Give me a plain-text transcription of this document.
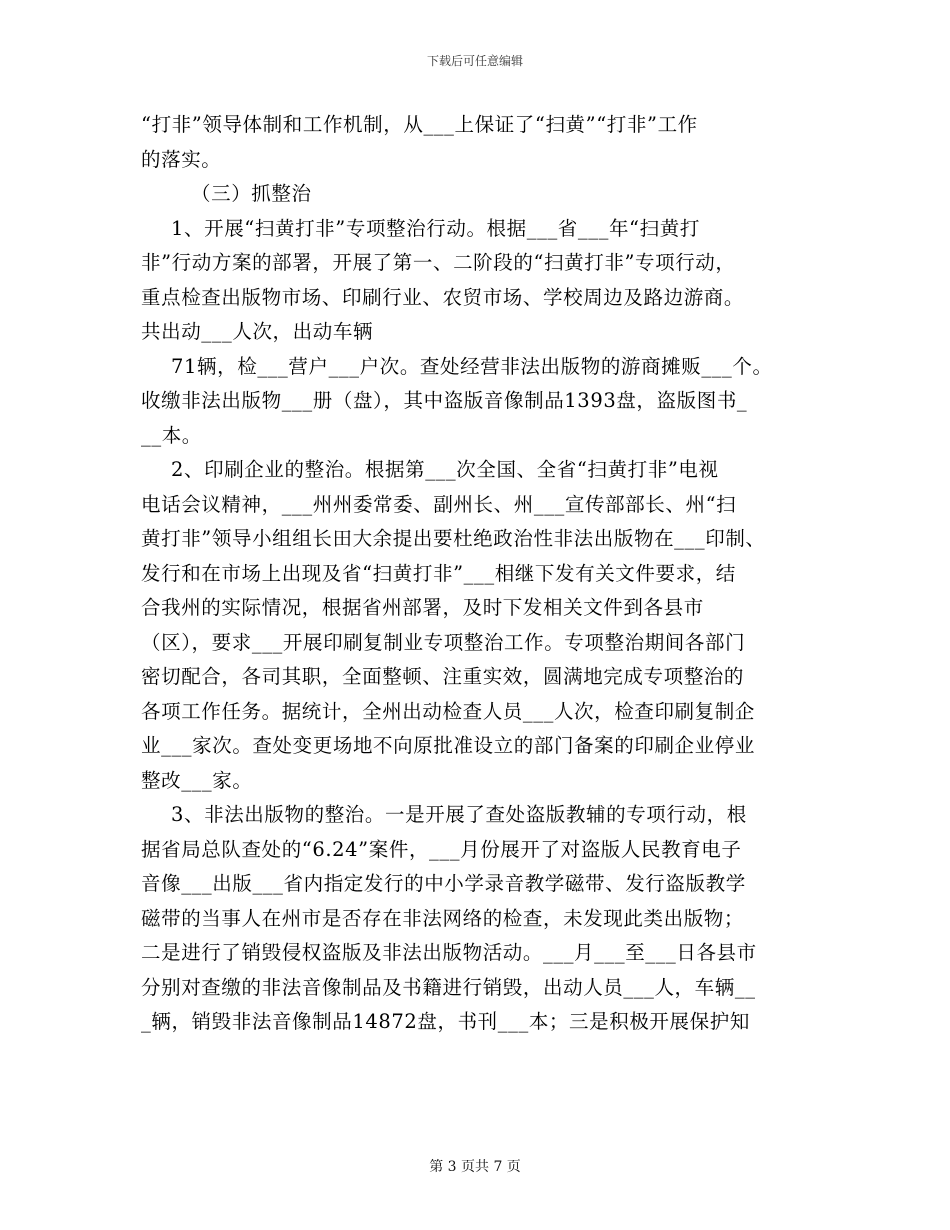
下载后可任意编辑
“打非”领导体制和工作机制，从___上保证了“扫黄”“打非”工作
的落实。
（三）抓整治
1、开展“扫黄打非”专项整治行动。根据___省___年“扫黄打
非”行动方案的部署，开展了第一、二阶段的“扫黄打非”专项行动，
重点检查出版物市场、印刷行业、农贸市场、学校周边及路边游商。
共出动___人次，出动车辆
71辆，检___营户___户次。查处经营非法出版物的游商摊贩___个。
收缴非法出版物___册（盘），其中盗版音像制品1393盘，盗版图书_
__本。
2、印刷企业的整治。根据第___次全国、全省“扫黄打非”电视
电话会议精神，___州州委常委、副州长、州___宣传部部长、州“扫
黄打非”领导小组组长田大余提出要杜绝政治性非法出版物在___印制、
发行和在市场上出现及省“扫黄打非”___相继下发有关文件要求，结
合我州的实际情况，根据省州部署，及时下发相关文件到各县市
（区），要求___开展印刷复制业专项整治工作。专项整治期间各部门
密切配合，各司其职，全面整顿、注重实效，圆满地完成专项整治的
各项工作任务。据统计，全州出动检查人员___人次，检查印刷复制企
业___家次。查处变更场地不向原批准设立的部门备案的印刷企业停业
整改___家。
3、非法出版物的整治。一是开展了查处盗版教辅的专项行动，根
据省局总队查处的“6.24”案件，___月份展开了对盗版人民教育电子
音像___出版___省内指定发行的中小学录音教学磁带、发行盗版教学
磁带的当事人在州市是否存在非法网络的检查，未发现此类出版物；
二是进行了销毁侵权盗版及非法出版物活动。___月___至___日各县市
分别对查缴的非法音像制品及书籍进行销毁，出动人员___人，车辆__
_辆，销毁非法音像制品14872盘，书刊___本；三是积极开展保护知
第 3 页共 7 页
